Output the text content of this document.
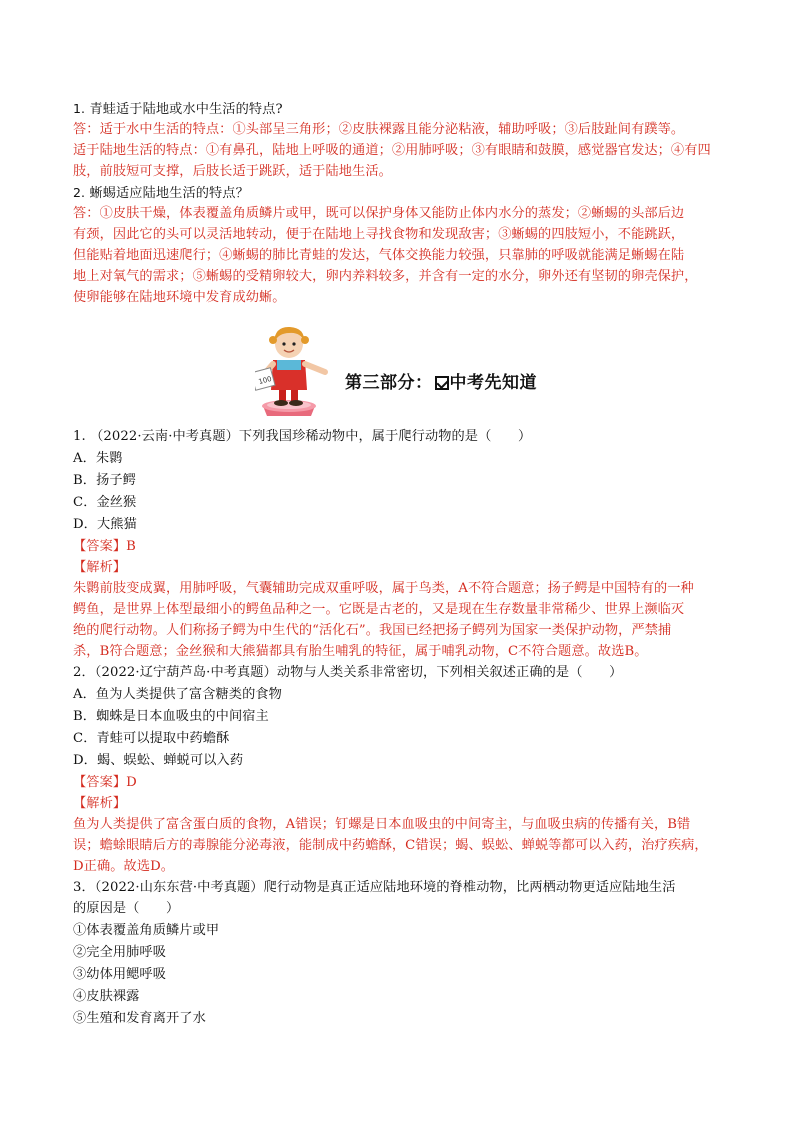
1. 青蛙适于陆地或水中生活的特点?
答：适于水中生活的特点：①头部呈三角形；②皮肤裸露且能分泌粘液，辅助呼吸；③后肢趾间有蹼等。
适于陆地生活的特点：①有鼻孔，陆地上呼吸的通道；②用肺呼吸；③有眼睛和鼓膜，感觉器官发达；④有四
肢，前肢短可支撑，后肢长适于跳跃，适于陆地生活。
2. 蜥蜴适应陆地生活的特点？
答：①皮肤干燥，体表覆盖角质鳞片或甲，既可以保护身体又能防止体内水分的蒸发；②蜥蜴的头部后边
有颈，因此它的头可以灵活地转动，便于在陆地上寻找食物和发现敌害；③蜥蜴的四肢短小，不能跳跃，
但能贴着地面迅速爬行；④蜥蜴的肺比青蛙的发达，气体交换能力较强，只靠肺的呼吸就能满足蜥蜴在陆
地上对氧气的需求；⑤蜥蜴的受精卵较大，卵内养料较多，并含有一定的水分，卵外还有坚韧的卵壳保护，
使卵能够在陆地环境中发育成幼蜥。
100	第三部分： 中考先知道
1. （2022·云南·中考真题）下列我国珍稀动物中，属于爬行动物的是（　　）
A．朱鹮
B．扬子鳄
C．金丝猴
D．大熊猫
【答案】B
【解析】
朱鹮前肢变成翼，用肺呼吸，气囊辅助完成双重呼吸，属于鸟类，A不符合题意；扬子鳄是中国特有的一种
鳄鱼，是世界上体型最细小的鳄鱼品种之一。它既是古老的，又是现在生存数量非常稀少、世界上濒临灭
绝的爬行动物。人们称扬子鳄为中生代的“活化石”。我国已经把扬子鳄列为国家一类保护动物，严禁捕
杀，B符合题意；金丝猴和大熊猫都具有胎生哺乳的特征，属于哺乳动物，C不符合题意。故选B。
2．（2022·辽宁葫芦岛·中考真题）动物与人类关系非常密切，下列相关叙述正确的是（　　）
A．鱼为人类提供了富含糖类的食物
B．蜘蛛是日本血吸虫的中间宿主
C．青蛙可以提取中药蟾酥
D．蝎、蜈蚣、蝉蜕可以入药
【答案】D
【解析】
鱼为人类提供了富含蛋白质的食物，A错误；钉螺是日本血吸虫的中间寄主，与血吸虫病的传播有关，B错
误；蟾蜍眼睛后方的毒腺能分泌毒液，能制成中药蟾酥，C错误；蝎、蜈蚣、蝉蜕等都可以入药，治疗疾病，
D正确。故选D。
3．（2022·山东东营·中考真题）爬行动物是真正适应陆地环境的脊椎动物，比两栖动物更适应陆地生活
的原因是（　　）
①体表覆盖角质鳞片或甲
②完全用肺呼吸
③幼体用鳃呼吸
④皮肤裸露
⑤生殖和发育离开了水
